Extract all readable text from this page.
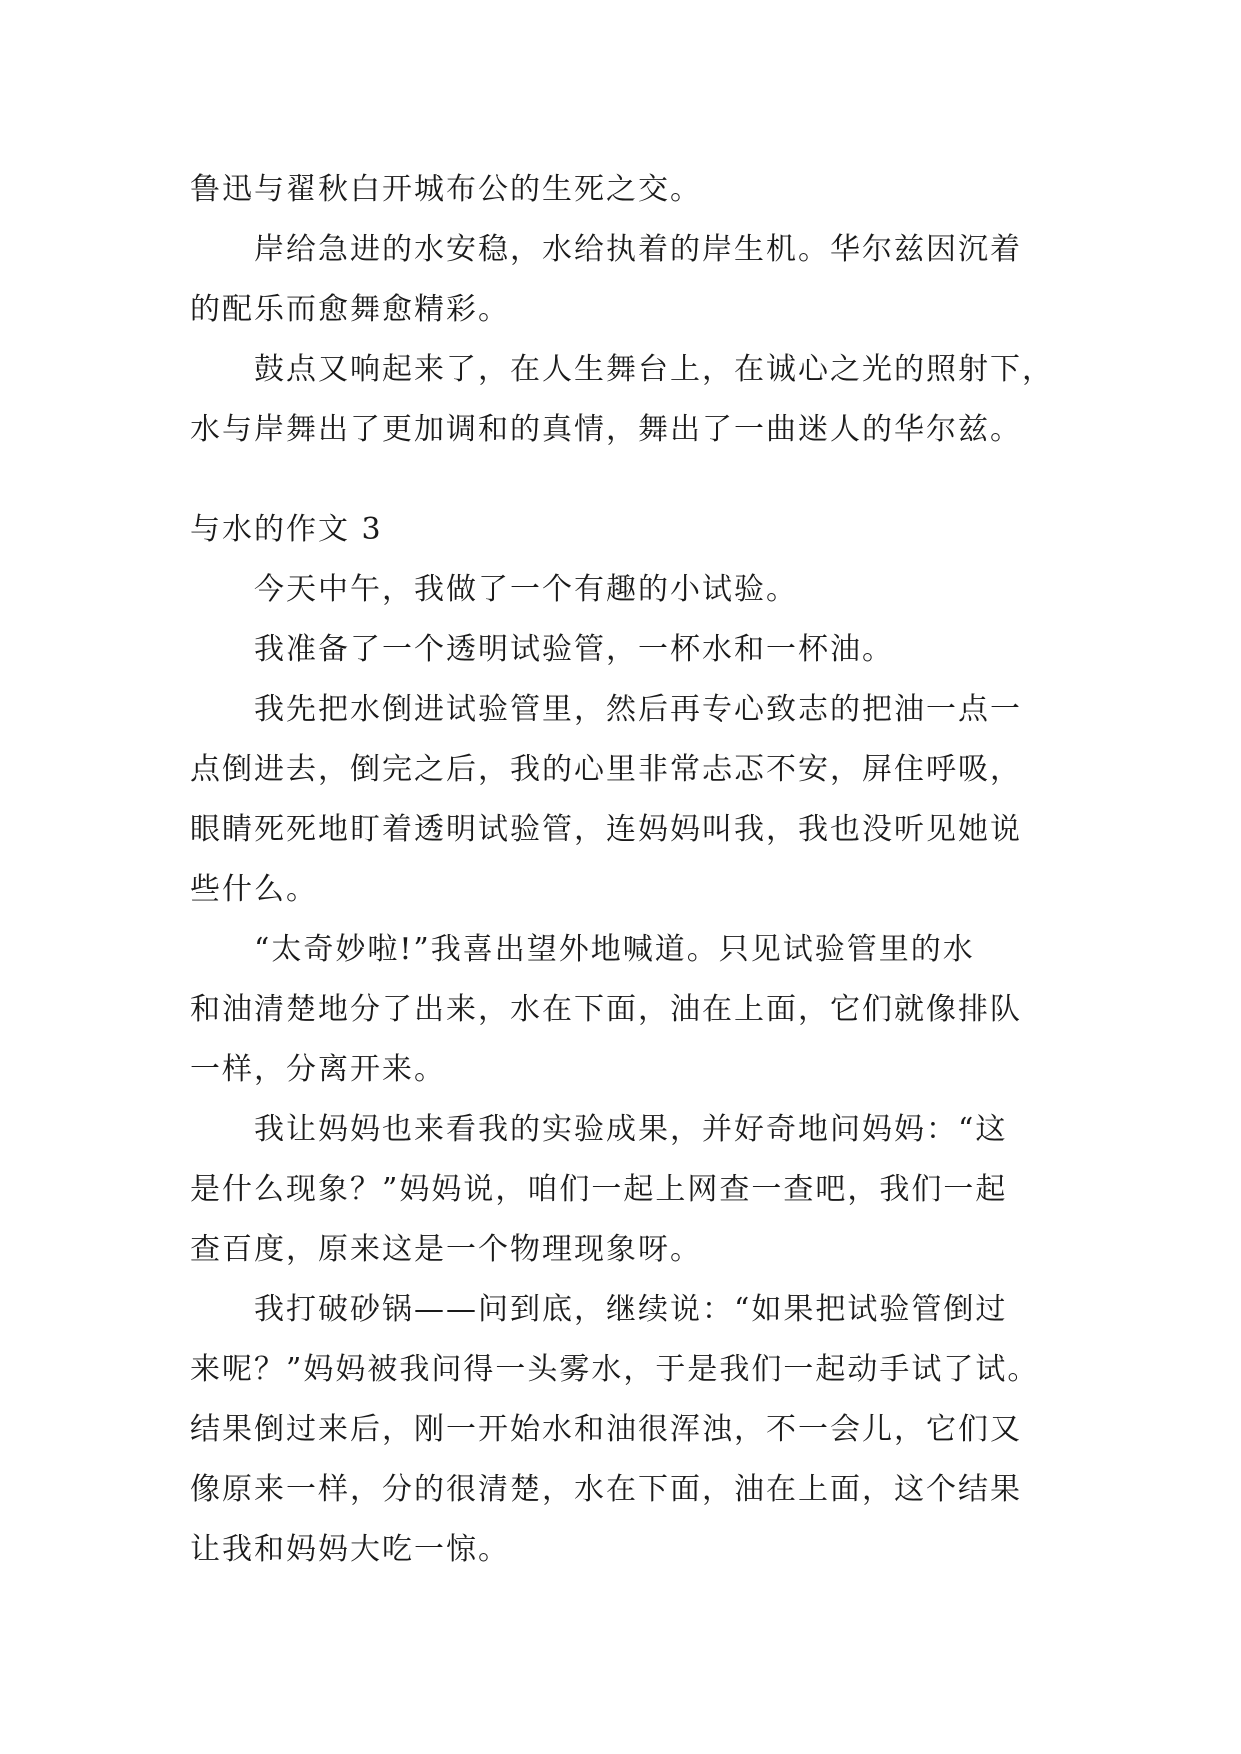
鲁迅与翟秋白开城布公的生死之交。
岸给急进的水安稳，水给执着的岸生机。华尔兹因沉着
的配乐而愈舞愈精彩。
鼓点又响起来了，在人生舞台上，在诚心之光的照射下，
水与岸舞出了更加调和的真情，舞出了一曲迷人的华尔兹。
与水的作文 3
今天中午，我做了一个有趣的小试验。
我准备了一个透明试验管，一杯水和一杯油。
我先把水倒进试验管里，然后再专心致志的把油一点一
点倒进去，倒完之后，我的心里非常忐忑不安，屏住呼吸，
眼睛死死地盯着透明试验管，连妈妈叫我，我也没听见她说
些什么。
“太奇妙啦!”我喜出望外地喊道。只见试验管里的水
和油清楚地分了出来，水在下面，油在上面，它们就像排队
一样，分离开来。
我让妈妈也来看我的实验成果，并好奇地问妈妈：“这
是什么现象？”妈妈说，咱们一起上网查一查吧，我们一起
查百度，原来这是一个物理现象呀。
我打破砂锅——问到底，继续说：“如果把试验管倒过
来呢？”妈妈被我问得一头雾水，于是我们一起动手试了试。
结果倒过来后，刚一开始水和油很浑浊，不一会儿，它们又
像原来一样，分的很清楚，水在下面，油在上面，这个结果
让我和妈妈大吃一惊。
